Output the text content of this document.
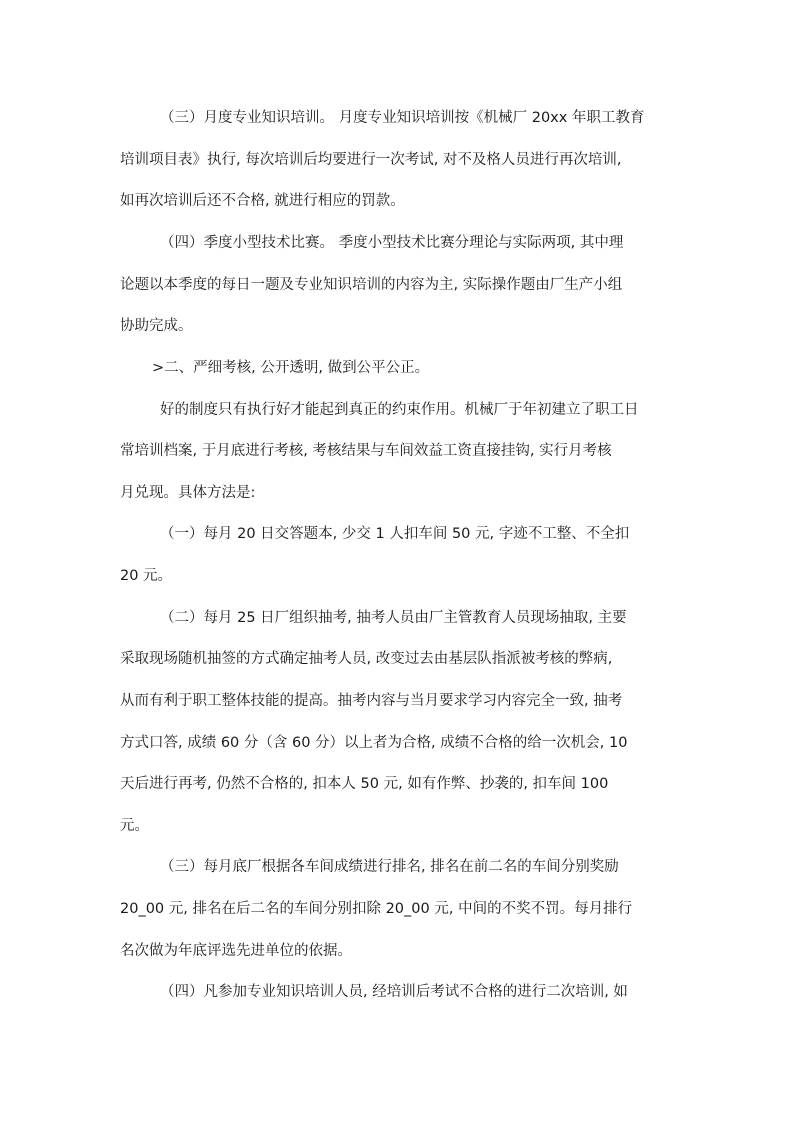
（三）月度专业知识培训。 月度专业知识培训按《机械厂 20xx 年职工教育
培训项目表》执行, 每次培训后均要进行一次考试, 对不及格人员进行再次培训,
如再次培训后还不合格, 就进行相应的罚款。
（四）季度小型技术比赛。 季度小型技术比赛分理论与实际两项, 其中理
论题以本季度的每日一题及专业知识培训的内容为主, 实际操作题由厂生产小组
协助完成。
>二、严细考核, 公开透明, 做到公平公正。
好的制度只有执行好才能起到真正的约束作用。机械厂于年初建立了职工日
常培训档案, 于月底进行考核, 考核结果与车间效益工资直接挂钩, 实行月考核
月兑现。具体方法是:
（一）每月 20 日交答题本, 少交 1 人扣车间 50 元, 字迹不工整、不全扣
20 元。
（二）每月 25 日厂组织抽考, 抽考人员由厂主管教育人员现场抽取, 主要
采取现场随机抽签的方式确定抽考人员, 改变过去由基层队指派被考核的弊病,
从而有利于职工整体技能的提高。抽考内容与当月要求学习内容完全一致, 抽考
方式口答, 成绩 60 分（含 60 分）以上者为合格, 成绩不合格的给一次机会, 10
天后进行再考, 仍然不合格的, 扣本人 50 元, 如有作弊、抄袭的, 扣车间 100
元。
（三）每月底厂根据各车间成绩进行排名, 排名在前二名的车间分别奖励
20_00 元, 排名在后二名的车间分别扣除 20_00 元, 中间的不奖不罚。每月排行
名次做为年底评选先进单位的依据。
（四）凡参加专业知识培训人员, 经培训后考试不合格的进行二次培训, 如
